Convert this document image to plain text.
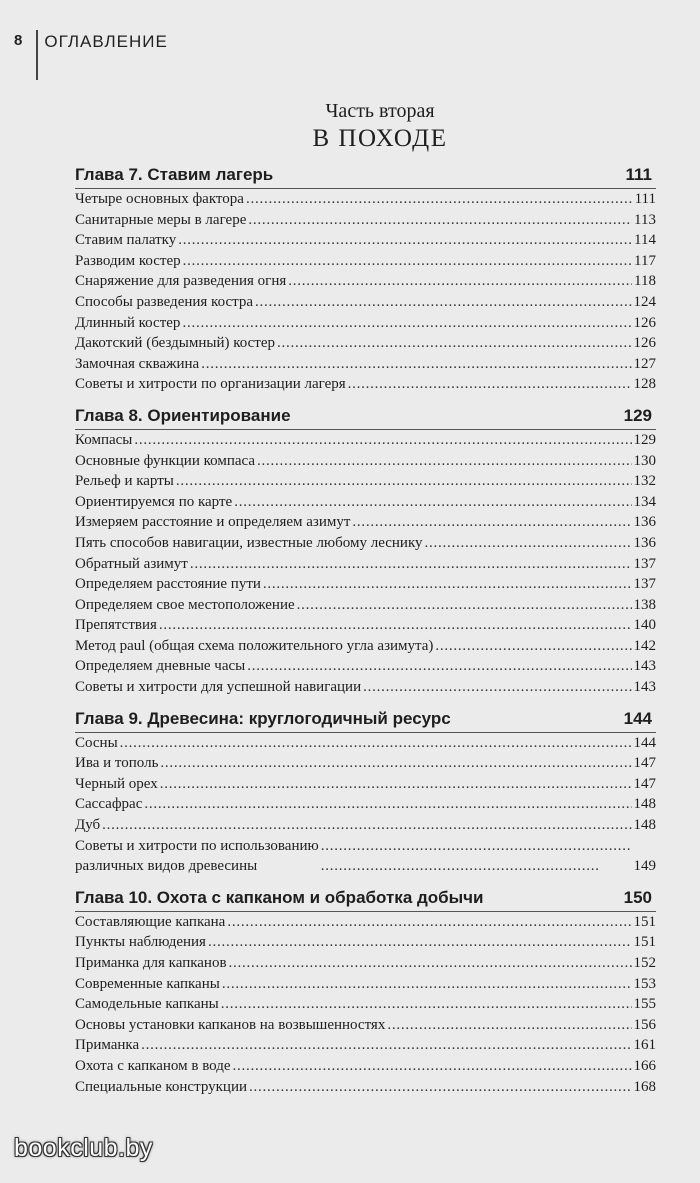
8 ОГЛАВЛЕНИЕ
Часть вторая
В ПОХОДЕ
Глава 7. Ставим лагерь	111
Четыре основных фактора . . .	111
Санитарные меры в лагере . . .	113
Ставим палатку . . .	114
Разводим костер . . .	117
Снаряжение для разведения огня . . .	118
Способы разведения костра . . .	124
Длинный костер . . .	126
Дакотский (бездымный) костер . . .	126
Замочная скважина . . .	127
Советы и хитрости по организации лагеря . . .	128
Глава 8. Ориентирование	129
Компасы . . .	129
Основные функции компаса . . .	130
Рельеф и карты . . .	132
Ориентируемся по карте . . .	134
Измеряем расстояние и определяем азимут . . .	136
Пять способов навигации, известные любому леснику . . .	136
Обратный азимут . . .	137
Определяем расстояние пути . . .	137
Определяем свое местоположение . . .	138
Препятствия . . .	140
Метод paul (общая схема положительного угла азимута) . . .	142
Определяем дневные часы . . .	143
Советы и хитрости для успешной навигации . . .	143
Глава 9. Древесина: круглогодичный ресурс	144
Сосны . . .	144
Ива и тополь . . .	147
Черный орех . . .	147
Сассафрас . . .	148
Дуб . . .	148
Советы и хитрости по использованию
различных видов древесины . . .	149
Глава 10. Охота с капканом и обработка добычи	150
Составляющие капкана . . .	151
Пункты наблюдения . . .	151
Приманка для капканов . . .	152
Современные капканы . . .	153
Самодельные капканы . . .	155
Основы установки капканов на возвышенностях . . .	156
Приманка . . .	161
Охота с капканом в воде . . .	166
Специальные конструкции . . .	168
bookclub.by
